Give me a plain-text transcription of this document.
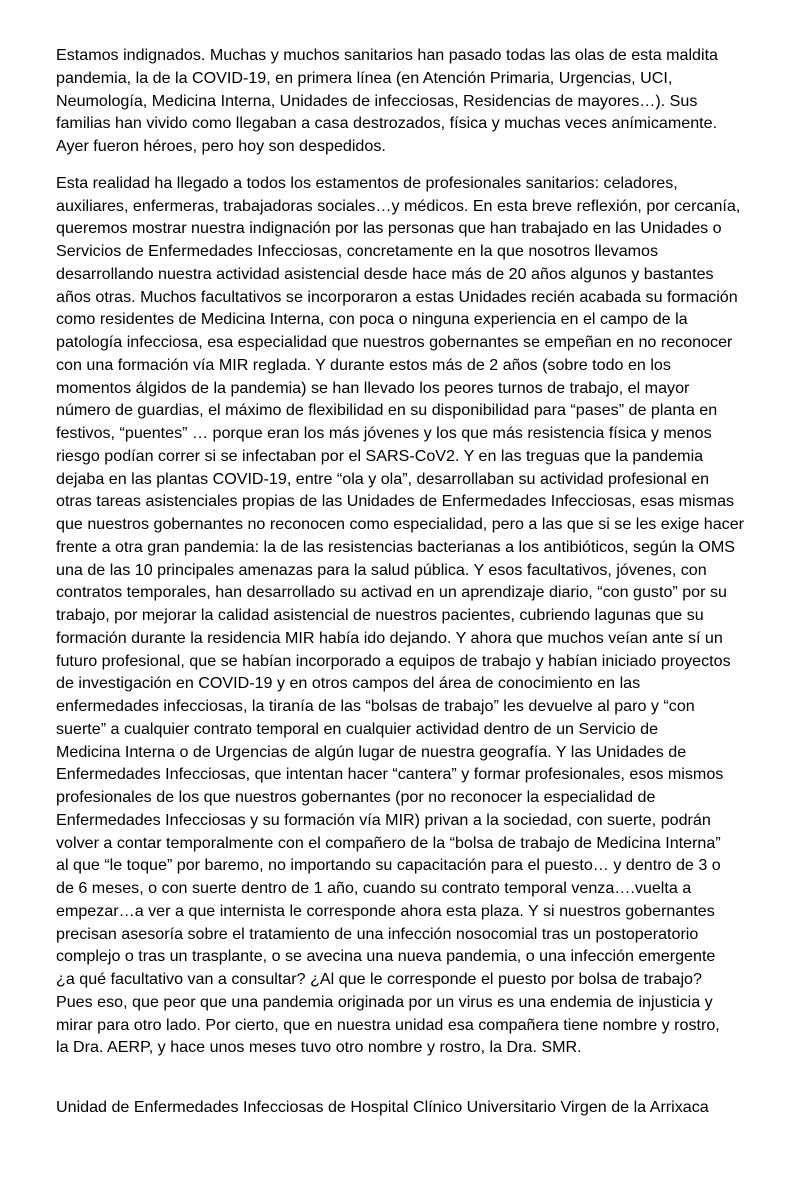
Estamos indignados. Muchas y muchos sanitarios han pasado todas las olas de esta maldita
pandemia, la de la COVID-19, en primera línea (en Atención Primaria, Urgencias, UCI,
Neumología, Medicina Interna, Unidades de infecciosas, Residencias de mayores…). Sus
familias han vivido como llegaban a casa destrozados, física y muchas veces anímicamente.
Ayer fueron héroes, pero hoy son despedidos.

Esta realidad ha llegado a todos los estamentos de profesionales sanitarios: celadores,
auxiliares, enfermeras, trabajadoras sociales…y médicos. En esta breve reflexión, por cercanía,
queremos mostrar nuestra indignación por las personas que han trabajado en las Unidades o
Servicios de Enfermedades Infecciosas, concretamente en la que nosotros llevamos
desarrollando nuestra actividad asistencial desde hace más de 20 años algunos y bastantes
años otras. Muchos facultativos se incorporaron a estas Unidades recién acabada su formación
como residentes de Medicina Interna, con poca o ninguna experiencia en el campo de la
patología infecciosa, esa especialidad que nuestros gobernantes se empeñan en no reconocer
con una formación vía MIR reglada. Y durante estos más de 2 años (sobre todo en los
momentos álgidos de la pandemia) se han llevado los peores turnos de trabajo, el mayor
número de guardias, el máximo de flexibilidad en su disponibilidad para “pases” de planta en
festivos, “puentes” … porque eran los más jóvenes y los que más resistencia física y menos
riesgo podían correr si se infectaban por el SARS-CoV2. Y en las treguas que la pandemia
dejaba en las plantas COVID-19, entre “ola y ola”, desarrollaban su actividad profesional en
otras tareas asistenciales propias de las Unidades de Enfermedades Infecciosas, esas mismas
que nuestros gobernantes no reconocen como especialidad, pero a las que si se les exige hacer
frente a otra gran pandemia: la de las resistencias bacterianas a los antibióticos, según la OMS
una de las 10 principales amenazas para la salud pública. Y esos facultativos, jóvenes, con
contratos temporales, han desarrollado su activad en un aprendizaje diario, “con gusto” por su
trabajo, por mejorar la calidad asistencial de nuestros pacientes, cubriendo lagunas que su
formación durante la residencia MIR había ido dejando. Y ahora que muchos veían ante sí un
futuro profesional, que se habían incorporado a equipos de trabajo y habían iniciado proyectos
de investigación en COVID-19 y en otros campos del área de conocimiento en las
enfermedades infecciosas, la tiranía de las “bolsas de trabajo” les devuelve al paro y “con
suerte” a cualquier contrato temporal en cualquier actividad dentro de un Servicio de
Medicina Interna o de Urgencias de algún lugar de nuestra geografía. Y las Unidades de
Enfermedades Infecciosas, que intentan hacer “cantera” y formar profesionales, esos mismos
profesionales de los que nuestros gobernantes (por no reconocer la especialidad de
Enfermedades Infecciosas y su formación vía MIR) privan a la sociedad, con suerte, podrán
volver a contar temporalmente con el compañero de la “bolsa de trabajo de Medicina Interna”
al que “le toque” por baremo, no importando su capacitación para el puesto… y dentro de 3 o
de 6 meses, o con suerte dentro de 1 año, cuando su contrato temporal venza….vuelta a
empezar…a ver a que internista le corresponde ahora esta plaza. Y si nuestros gobernantes
precisan asesoría sobre el tratamiento de una infección nosocomial tras un postoperatorio
complejo o tras un trasplante, o se avecina una nueva pandemia, o una infección emergente
¿a qué facultativo van a consultar? ¿Al que le corresponde el puesto por bolsa de trabajo?
Pues eso, que peor que una pandemia originada por un virus es una endemia de injusticia y
mirar para otro lado. Por cierto, que en nuestra unidad esa compañera tiene nombre y rostro,
la Dra. AERP, y hace unos meses tuvo otro nombre y rostro, la Dra. SMR.

Unidad de Enfermedades Infecciosas de Hospital Clínico Universitario Virgen de la Arrixaca
